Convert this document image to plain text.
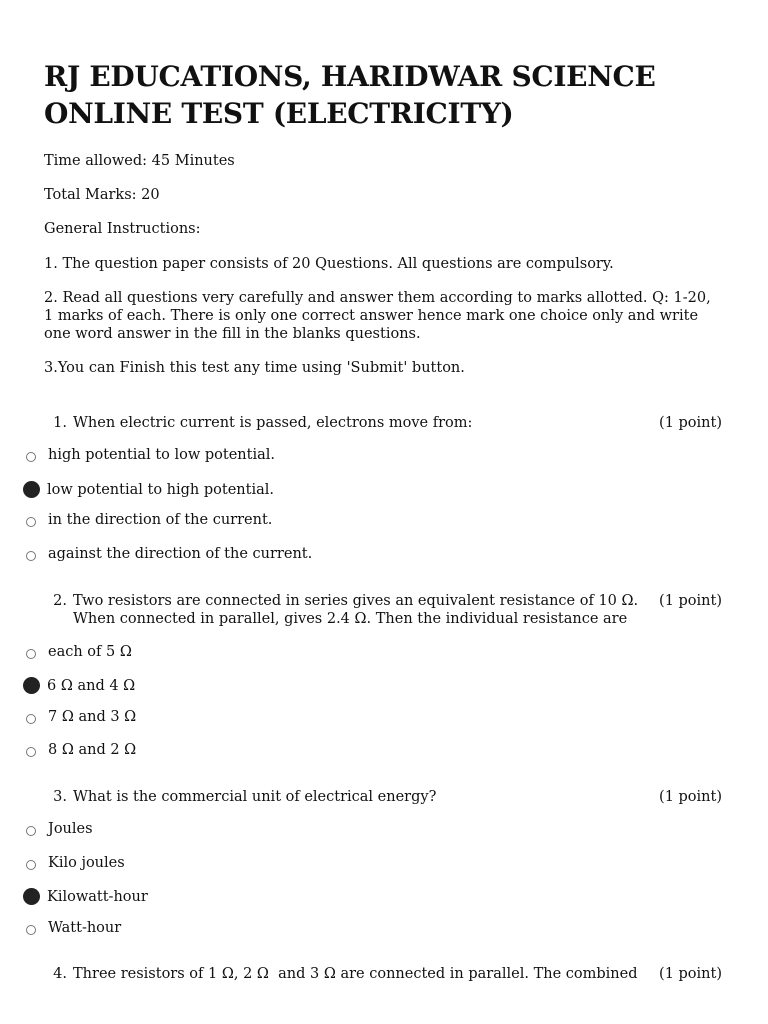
RJ EDUCATIONS, HARIDWAR SCIENCE ONLINE TEST (ELECTRICITY)
Time allowed: 45 Minutes
Total Marks: 20
General Instructions:
1. The question paper consists of 20 Questions. All questions are compulsory.
2. Read all questions very carefully and answer them according to marks allotted. Q: 1-20, 1 marks of each. There is only one correct answer hence mark one choice only and write one word answer in the fill in the blanks questions.
3.You can Finish this test any time using 'Submit' button.
1. When electric current is passed, electrons move from:	(1 point)
high potential to low potential.
low potential to high potential.
in the direction of the current.
against the direction of the current.
2. Two resistors are connected in series gives an equivalent resistance of 10 Ω. When connected in parallel, gives 2.4 Ω. Then the individual resistance are
(1 point)
each of 5 Ω
6 Ω and 4 Ω
7 Ω and 3 Ω
8 Ω and 2 Ω
3. What is the commercial unit of electrical energy?	(1 point)
Joules
Kilo joules
Kilowatt-hour
Watt-hour
4. Three resistors of 1 Ω, 2 Ω  and 3 Ω are connected in parallel. The combined	(1 point)
